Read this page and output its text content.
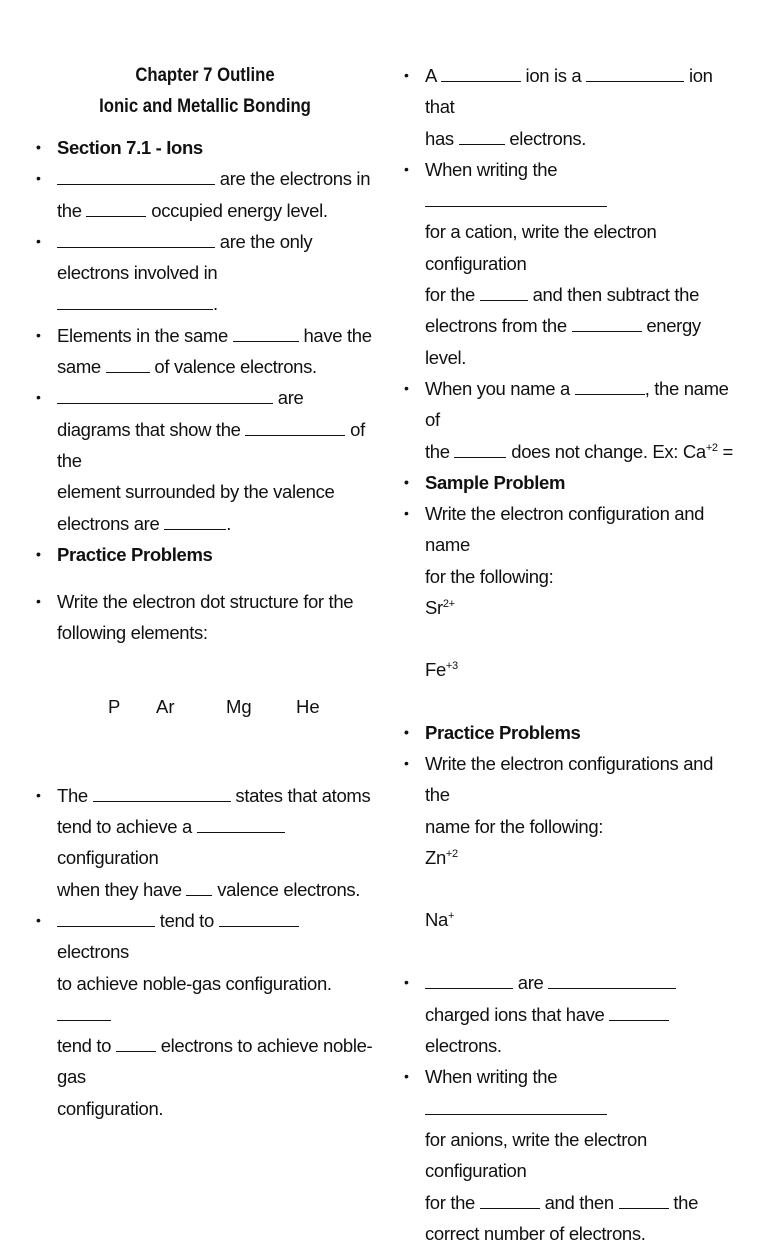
Chapter 7 Outline

Ionic and Metallic Bonding

• Section 7.1 - Ions

•	are the electrons in
the	occupied energy level.

•	are the only
electrons involved in .

• Elements in the same	have the
same  of valence electrons.

•	are
diagrams that show the	of the
element surrounded by the valence
electrons are	.

• Practice Problems

• Write the electron dot structure for the
following elements:

P	Ar	Mg	He

• The	states that atoms
tend to achieve a  configuration
when they have  valence electrons.

•	tend to  electrons
to achieve noble-gas configuration.
tend to  electrons to achieve noble-gas
configuration.

• A	ion is a	ion that
has  electrons.

• When writing the
for a cation, write the electron configuration
for the	and then subtract the
electrons from the	energy level.

• When you name a	, the name of
the	does not change. Ex: $Ca^{+2}$ =

• Sample Problem

• Write the electron configuration and name
for the following:

$Sr^{2+}$
$Fe^{+3}$

• Practice Problems

• Write the electron configurations and the
name for the following:

$Zn^{+2}$
Na+

•	are
charged ions that have  electrons.

• When writing the
for anions, write the electron configuration
for the	and then	the
correct number of electrons.
